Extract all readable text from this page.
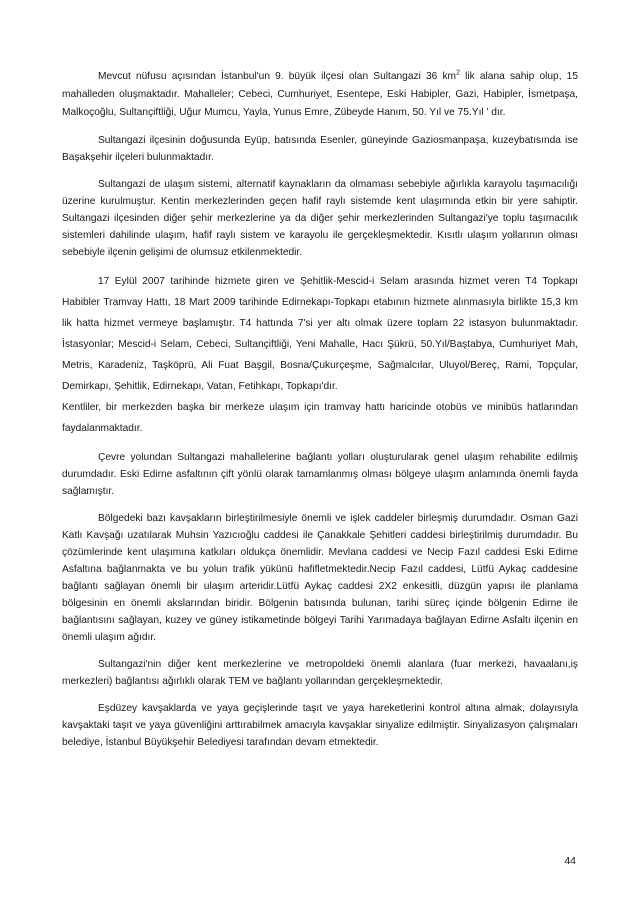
Mevcut nüfusu açısından İstanbul'un 9. büyük ilçesi olan Sultangazi 36 $km^2$ lik alana sahip olup, 15 mahalleden oluşmaktadır. Mahalleler; Cebeci, Cumhuriyet, Esentepe, Eski Habipler, Gazi, Habipler, İsmetpaşa, Malkoçoğlu, Sultançiftliği, Uğur Mumcu, Yayla, Yunus Emre, Zübeyde Hanım, 50. Yıl ve 75.Yıl ' dır.

Sultangazi ilçesinin doğusunda Eyüp, batısında Esenler, güneyinde Gaziosmanpaşa, kuzeybatısında ise Başakşehir ilçeleri bulunmaktadır.

Sultangazi de ulaşım sistemi, alternatif kaynakların da olmaması sebebiyle ağırlıkla karayolu taşımacılığı üzerine kurulmuştur. Kentin merkezlerinden geçen hafif raylı sistemde kent ulaşımında etkin bir yere sahiptir. Sultangazi ilçesinden diğer şehir merkezlerine ya da diğer şehir merkezlerinden Sultangazi'ye toplu taşımacılık sistemleri dahilinde ulaşım, hafif raylı sistem ve karayolu ile gerçekleşmektedir. Kısıtlı ulaşım yollarının olması sebebiyle ilçenin gelişimi de olumsuz etkilenmektedir.

17 Eylül 2007 tarihinde hizmete giren ve Şehitlik-Mescid-i Selam arasında hizmet veren T4 Topkapı Habibler Tramvay Hattı, 18 Mart 2009 tarihinde Edirnekapı-Topkapı etabının hizmete alınmasıyla birlikte 15,3 km lik hatta hizmet vermeye başlamıştır. T4 hattında 7'si yer altı olmak üzere toplam 22 istasyon bulunmaktadır. İstasyonlar; Mescid-i Selam, Cebeci, Sultançiftliği, Yeni Mahalle, Hacı Şükrü, 50.Yıl/Baştabya, Cumhuriyet Mah, Metris, Karadeniz, Taşköprü, Ali Fuat Başgil, Bosna/Çukurçeşme, Sağmalcılar, Uluyol/Bereç, Rami, Topçular, Demirkapı, Şehitlik, Edirnekapı, Vatan, Fetihkapı, Topkapı'dır.

Kentliler, bir merkezden başka bir merkeze ulaşım için tramvay hattı haricinde otobüs ve minibüs hatlarından faydalanmaktadır.

Çevre yolundan Sultangazi mahallelerine bağlantı yolları oluşturularak genel ulaşım rehabilite edilmiş durumdadır. Eski Edirne asfaltının çift yönlü olarak tamamlanmış olması bölgeye ulaşım anlamında önemli fayda sağlamıştır.

Bölgedeki bazı kavşakların birleştirilmesiyle önemli ve işlek caddeler birleşmiş durumdadır. Osman Gazi Katlı Kavşağı uzatılarak Muhsin Yazıcıoğlu caddesi ile Çanakkale Şehitleri caddesi birleştirilmiş durumdadır. Bu çözümlerinde kent ulaşımına katkıları oldukça önemlidir. Mevlana caddesi ve Necip Fazıl caddesi Eski Edirne Asfaltına bağlanmakta ve bu yolun trafik yükünü hafifletmektedir.Necip Fazıl caddesi, Lütfü Aykaç caddesine bağlantı sağlayan önemli bir ulaşım arteridir.Lütfü Aykaç caddesi 2X2 enkesitli, düzgün yapısı ile planlama bölgesinin en önemli akslarından biridir. Bölgenin batısında bulunan, tarihi süreç içinde bölgenin Edirne ile bağlantısını sağlayan, kuzey ve güney istikametinde bölgeyi Tarihi Yarımadaya bağlayan Edirne Asfaltı ilçenin en önemli ulaşım ağıdır.

Sultangazi'nin diğer kent merkezlerine ve metropoldeki önemli alanlara (fuar merkezi, havaalanı,iş merkezleri) bağlantısı ağırlıklı olarak TEM ve bağlantı yollarından gerçekleşmektedir.

Eşdüzey kavşaklarda ve yaya geçişlerinde taşıt ve yaya hareketlerini kontrol altına almak, dolayısıyla kavşaktaki taşıt ve yaya güvenliğini arttırabilmek amacıyla kavşaklar sinyalize edilmiştir. Sinyalizasyon çalışmaları belediye, İstanbul Büyükşehir Belediyesi tarafından devam etmektedir.

44
